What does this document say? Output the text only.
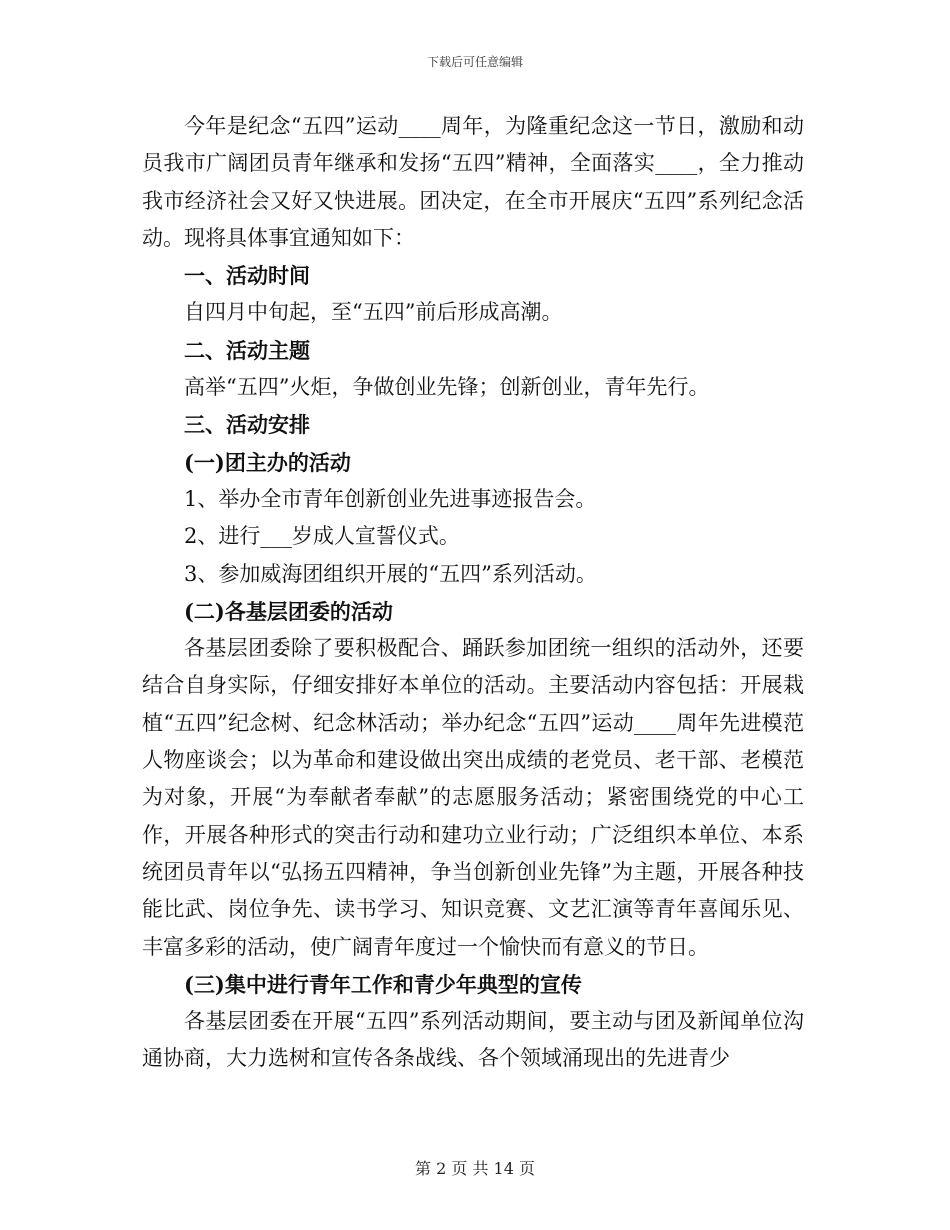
下载后可任意编辑

今年是纪念“五四”运动____周年，为隆重纪念这一节日，激励和动员我市广阔团员青年继承和发扬“五四”精神，全面落实____，全力推动我市经济社会又好又快进展。团决定，在全市开展庆“五四”系列纪念活动。现将具体事宜通知如下：

一、活动时间

自四月中旬起，至“五四”前后形成高潮。

二、活动主题

高举“五四”火炬，争做创业先锋；创新创业，青年先行。

三、活动安排

(一)团主办的活动

1、举办全市青年创新创业先进事迹报告会。

2、进行___岁成人宣誓仪式。

3、参加威海团组织开展的“五四”系列活动。

(二)各基层团委的活动

各基层团委除了要积极配合、踊跃参加团统一组织的活动外，还要结合自身实际，仔细安排好本单位的活动。主要活动内容包括：开展栽植“五四”纪念树、纪念林活动；举办纪念“五四”运动____周年先进模范人物座谈会；以为革命和建设做出突出成绩的老党员、老干部、老模范为对象，开展“为奉献者奉献”的志愿服务活动；紧密围绕党的中心工作，开展各种形式的突击行动和建功立业行动；广泛组织本单位、本系统团员青年以“弘扬五四精神，争当创新创业先锋”为主题，开展各种技能比武、岗位争先、读书学习、知识竞赛、文艺汇演等青年喜闻乐见、丰富多彩的活动，使广阔青年度过一个愉快而有意义的节日。

(三)集中进行青年工作和青少年典型的宣传

各基层团委在开展“五四”系列活动期间，要主动与团及新闻单位沟通协商，大力选树和宣传各条战线、各个领域涌现出的先进青少

第 2 页 共 14 页
